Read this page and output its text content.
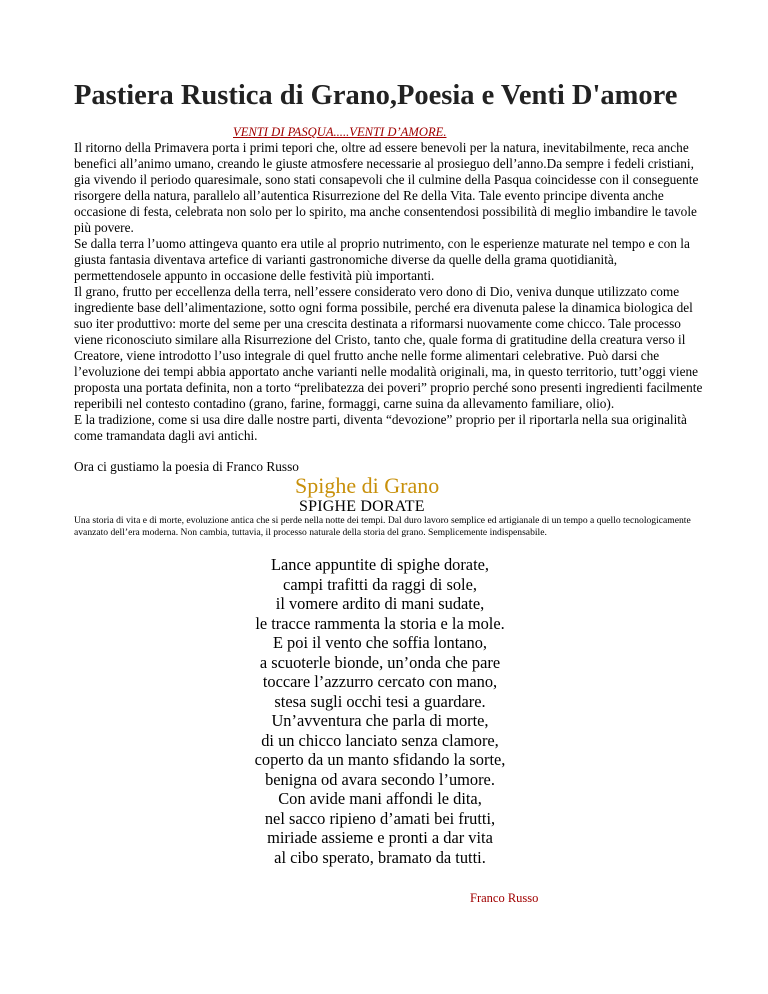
Pastiera Rustica di Grano,Poesia e Venti D'amore
VENTI DI PASQUA.....VENTI D’AMORE.

Il ritorno della Primavera porta i primi tepori che, oltre ad essere benevoli per la natura, inevitabilmente, reca anche benefici all’animo umano, creando le giuste atmosfere necessarie al prosieguo dell’anno.Da sempre i fedeli cristiani, gia vivendo il periodo quaresimale, sono stati consapevoli che il culmine della Pasqua coincidesse con il conseguente risorgere della natura, parallelo all’autentica Risurrezione del Re della Vita. Tale evento principe diventa anche occasione di festa, celebrata non solo per lo spirito, ma anche consentendosi possibilità di meglio imbandire le tavole più povere.

Se dalla terra l’uomo attingeva quanto era utile al proprio nutrimento, con le esperienze maturate nel tempo e con la giusta fantasia diventava artefice di varianti gastronomiche diverse da quelle della grama quotidianità, permettendosele appunto in occasione delle festività più importanti.

Il grano, frutto per eccellenza della terra, nell’essere considerato vero dono di Dio, veniva dunque utilizzato come ingrediente base dell’alimentazione, sotto ogni forma possibile, perché era divenuta palese la dinamica biologica del suo iter produttivo: morte del seme per una crescita destinata a riformarsi nuovamente come chicco. Tale processo viene riconosciuto similare alla Risurrezione del Cristo, tanto che, quale forma di gratitudine della creatura verso il Creatore, viene introdotto l’uso integrale di quel frutto anche nelle forme alimentari celebrative. Può darsi che l’evoluzione dei tempi abbia apportato anche varianti nelle modalità originali, ma, in questo territorio, tutt’oggi viene proposta una portata definita, non a torto “prelibatezza dei poveri” proprio perché sono presenti ingredienti facilmente reperibili nel contesto contadino (grano, farine, formaggi, carne suina da allevamento familiare, olio).

E la tradizione, come si usa dire dalle nostre parti, diventa “devozione” proprio per il riportarla nella sua originalità come tramandata dagli avi antichi.

Ora ci gustiamo la poesia di Franco Russo
Spighe di Grano
SPIGHE DORATE
Una storia di vita e di morte, evoluzione antica che si perde nella notte dei tempi. Dal duro lavoro semplice ed artigianale di un tempo a quello tecnologicamente avanzato dell’era moderna. Non cambia, tuttavia, il processo naturale della storia del grano. Semplicemente indispensabile.
Lance appuntite di spighe dorate,
campi trafitti da raggi di sole,
il vomere ardito di mani sudate,
le tracce rammenta la storia e la mole.
E poi il vento che soffia lontano,
a scuoterle bionde, un’onda che pare
toccare l’azzurro cercato con mano,
stesa sugli occhi tesi a guardare.
Un’avventura che parla di morte,
di un chicco lanciato senza clamore,
coperto da un manto sfidando la sorte,
benigna od avara secondo l’umore.
Con avide mani affondi le dita,
nel sacco ripieno d’amati bei frutti,
miriade assieme e pronti a dar vita
al cibo sperato, bramato da tutti.
Franco Russo
